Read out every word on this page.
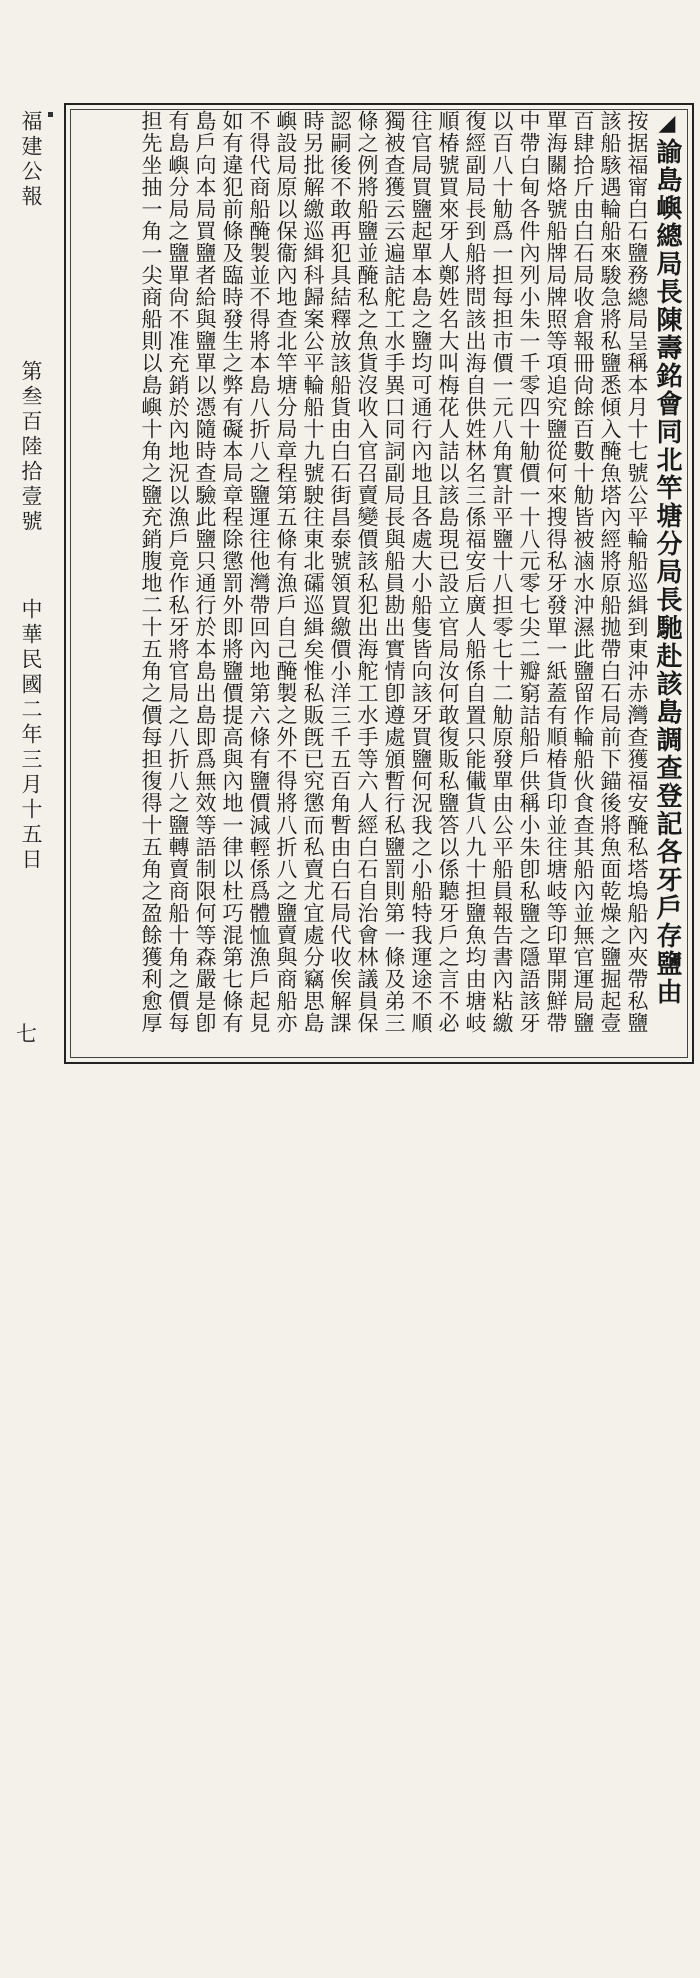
福建公報
第叁百陸拾壹號
中華民國二年三月十五日
七
◢諭島嶼總局長陳壽銘會同北竿塘分局長馳赴該島調查登記各牙戶存鹽由
按据福甯白石鹽務總局呈稱本月十七號公平輪船巡緝到東沖赤灣查獲福安醃私塔塢船內夾帶私鹽
該船駭遇輪船來駿急將私鹽悉傾入醃魚塔內經將原船拋帶白石局前下錨後將魚面乾燥之鹽掘起壹
百肆拾斤由白石局收倉報冊尙餘百數十觔皆被滷水沖濕此鹽留作輪船伙食查其船內並無官運局鹽
單海關烙號船牌局牌照等項追究鹽從何來搜得私牙發單一紙蓋有順椿貨印並往塘岐等印單開鮮帶
中帶白甸各件內列小朱一千零四十觔價一十八元零七尖二瓣窮詰船戶供稱小朱卽私鹽之隱語該牙
以百八十觔爲一担每担市價一元八角實計平鹽十八担零七十二觔原發單由公平船員報告書內粘繳
復經副局長到船將問該出海自供姓林名三係福安后廣人船係自置只能儎貨八九十担鹽魚均由塘岐
順椿號買來牙人鄭姓名大叫梅花人詰以該島現已設立官局汝何敢復販私鹽答以係聽牙戶之言不必
往官局買鹽起單本島之鹽均可通行內地且各處大小船隻皆向該牙買鹽何況我之小船特我運途不順
獨被查獲云云遍詰舵工水手異口同詞副局長與船員勘出實情卽遵處頒暫行私鹽罰則第一條及弟三
條之例將船鹽並醃私之魚貨沒收入官召賣變價該私犯出海舵工水手等六人經白石自治會林議員保
認嗣後不敢再犯具結釋放該船貨由白石街昌泰號領買繳價小洋三千五百角暫由白石局代收俟解課
時另批解繳巡緝科歸案公平輪船十九號駛往東北礵巡緝矣惟私販旣已究懲而私賣尤宜處分竊思島
嶼設局原以保衞內地查北竿塘分局章程第五條有漁戶自己醃製之外不得將八折八之鹽賣與商船亦
不得代商船醃製並不得將本島八折八之鹽運往他灣帶回內地第六條有鹽價減輕係爲體恤漁戶起見
如有違犯前條及臨時發生之弊有礙本局章程除懲罰外即將鹽價提高與內地一律以杜巧混第七條有
島戶向本局買鹽者給與鹽單以憑隨時查驗此鹽只通行於本島出島即爲無效等語制限何等森嚴是卽
有島嶼分局之鹽單尙不准充銷於內地況以漁戶竟作私牙將官局之八折八之鹽轉賣商船十角之價每
担先坐抽一角一尖商船則以島嶼十角之鹽充銷腹地二十五角之價每担復得十五角之盈餘獲利愈厚
